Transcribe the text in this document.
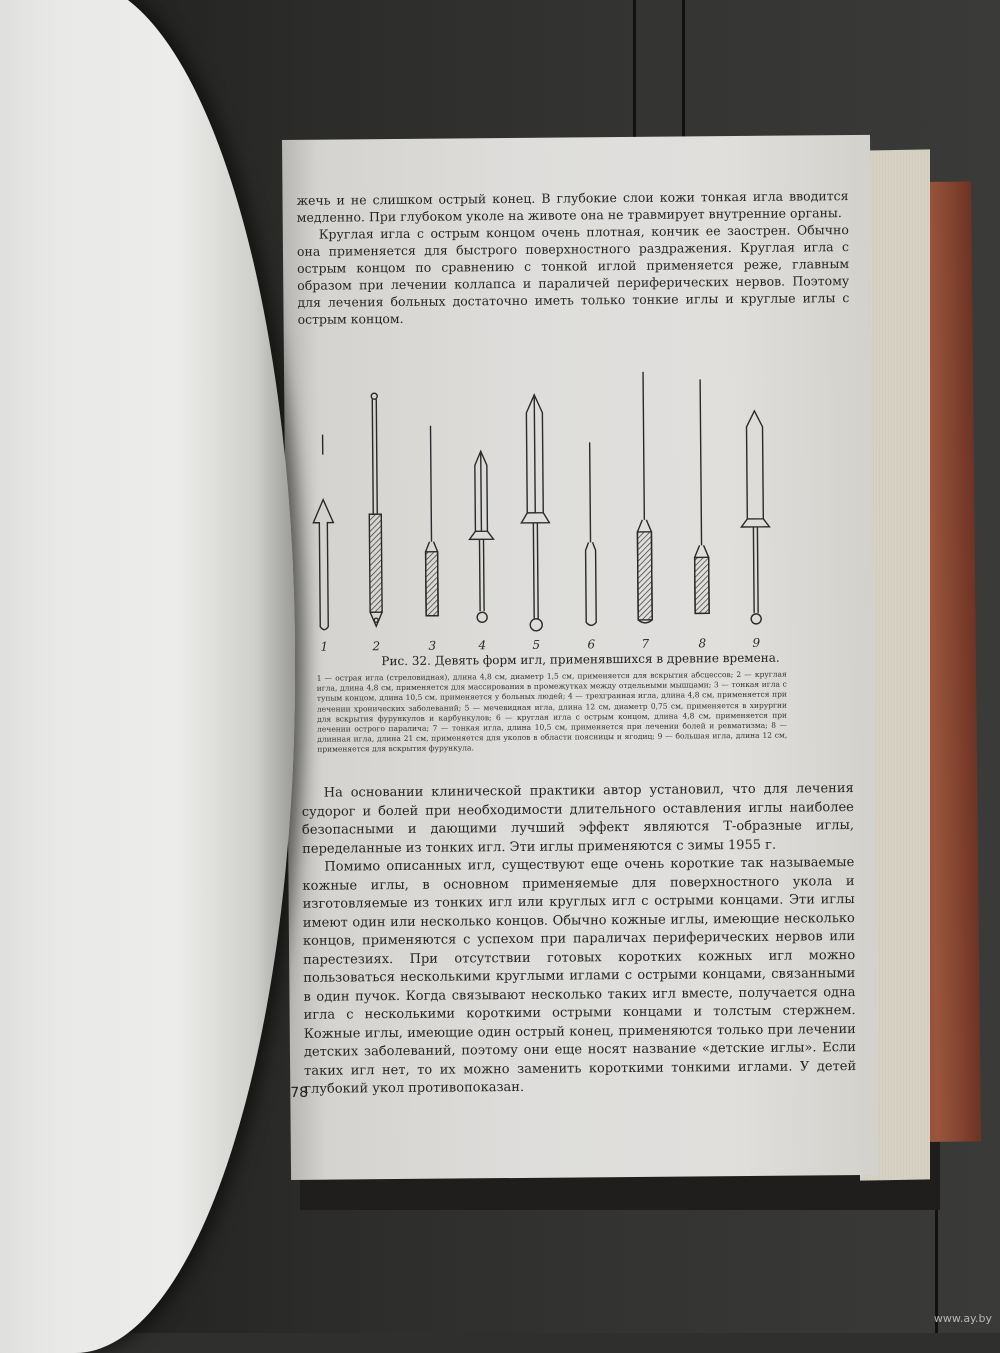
жечь и не слишком острый конец. В глубокие слои кожи тонкая игла вводится медленно. При глубоком уколе на животе она не травмирует внутренние органы.

Круглая игла с острым концом очень плотная, кончик ее заострен. Обычно она применяется для быстрого поверхностного раздражения. Круглая игла с острым концом по сравнению с тонкой иглой применяется реже, главным образом при лечении коллапса и параличей периферических нервов. Поэтому для лечения больных достаточно иметь только тонкие иглы и круглые иглы с острым концом.

1	2	3	4	5	6	7	8	9
Рис. 32. Девять форм игл, применявшихся в древние времена.
1 — острая игла (стреловидная), длина 4,8 см, диаметр 1,5 см, применяется для вскрытия абсцессов; 2 — круглая игла, длина 4,8 см, применяется для массирования в промежутках между отдельными мышцами; 3 — тонкая игла с тупым концом, длина 10,5 см, применяется у больных людей; 4 — трехгранная игла, длина 4,8 см, применяется при лечении хронических заболеваний; 5 — мечевидная игла, длина 12 см, диаметр 0,75 см, применяется в хирургии для вскрытия фурункулов и карбункулов; 6 — круглая игла с острым концом, длина 4,8 см, применяется при лечении острого паралича; 7 — тонкая игла, длина 10,5 см, применяется при лечении болей и ревматизма; 8 — длинная игла, длина 21 см, применяется для уколов в области поясницы и ягодиц; 9 — большая игла, длина 12 см, применяется для вскрытия фурункула.

На основании клинической практики автор установил, что для лечения судорог и болей при необходимости длительного оставления иглы наиболее безопасными и дающими лучший эффект являются Т-образные иглы, переделанные из тонких игл. Эти иглы применяются с зимы 1955 г.

Помимо описанных игл, существуют еще очень короткие так называемые кожные иглы, в основном применяемые для поверхностного укола и изготовляемые из тонких игл или круглых игл с острыми концами. Эти иглы имеют один или несколько концов. Обычно кожные иглы, имеющие несколько концов, применяются с успехом при параличах периферических нервов или парестезиях. При отсутствии готовых коротких кожных игл можно пользоваться несколькими круглыми иглами с острыми концами, связанными в один пучок. Когда связывают несколько таких игл вместе, получается одна игла с несколькими короткими острыми концами и толстым стержнем. Кожные иглы, имеющие один острый конец, применяются только при лечении детских заболеваний, поэтому они еще носят название «детские иглы». Если таких игл нет, то их можно заменить короткими тонкими иглами. У детей глубокий укол противопоказан.

78
www.ay.by
